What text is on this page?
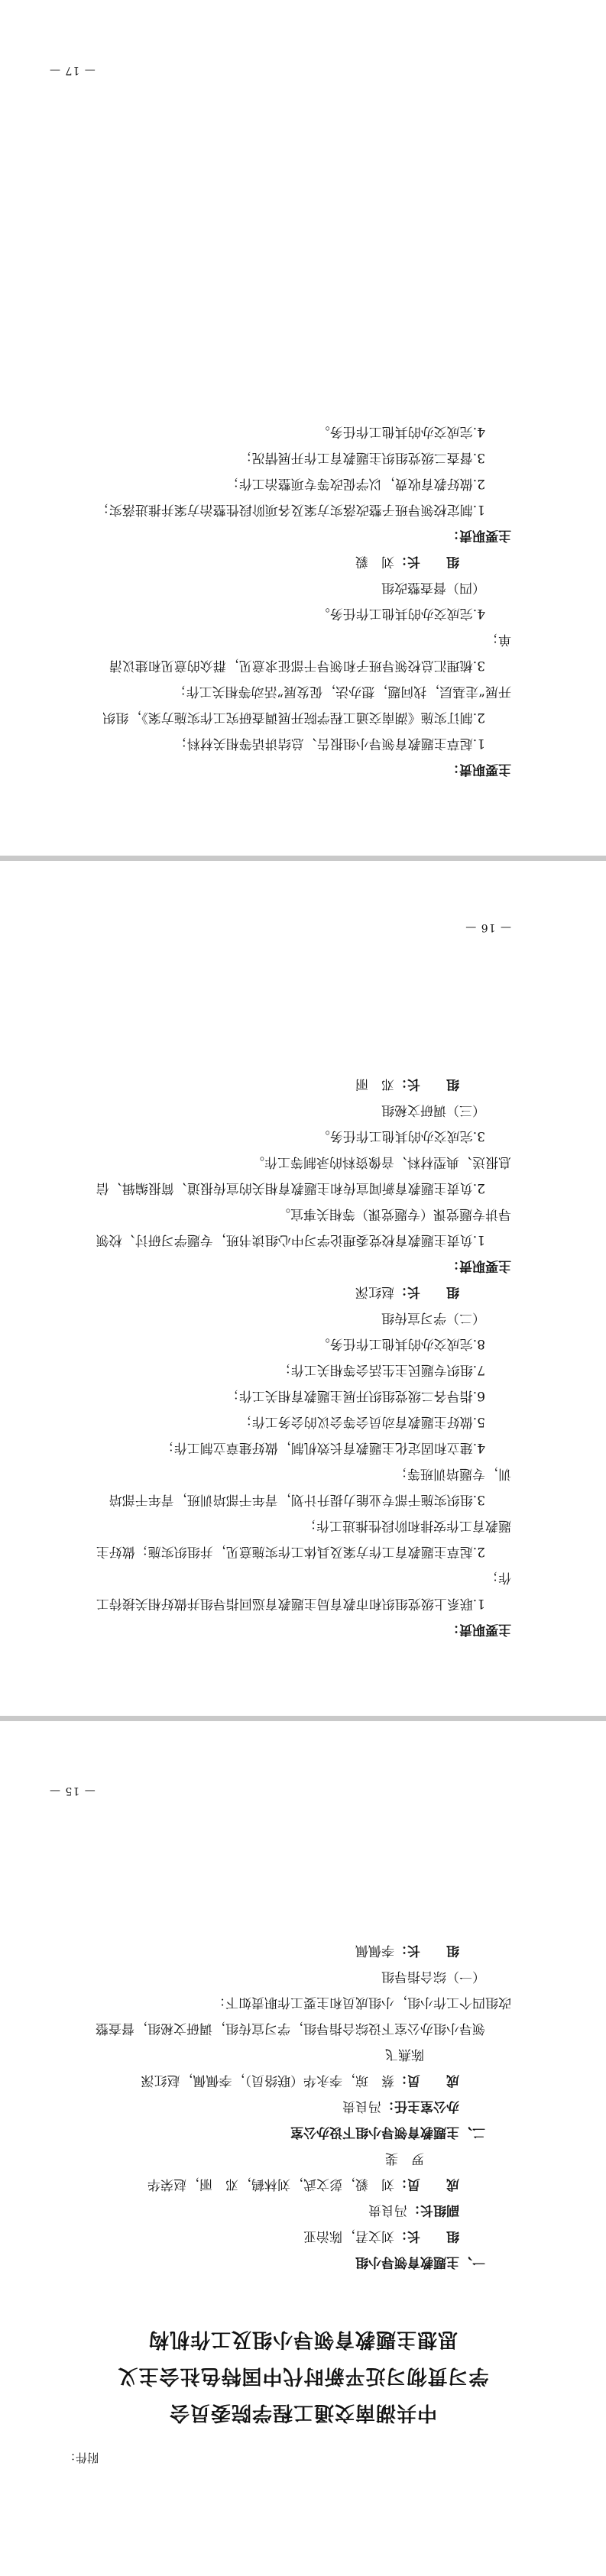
附件：
中共湖南交通工程学院委员会
学习贯彻习近平新时代中国特色社会主义
思想主题教育领导小组及工作机构
一、主题教育领导小组
组　　长：刘文君，陈治亚
副组长：冯良贵
成　　员：刘　毅，彭文武，刘林鹤，邓　丽，赵荣华
罗　斐
二、主题教育领导小组下设办公室
办公室主任：冯良贵
成　　员：蔡　琼，李永华（联络员），李佩佩，赵红深
陈燕飞
领导小组办公室下设综合指导组，学习宣传组，调研文秘组，督查整改组四个工作小组，小组成员和主要工作职责如下：
（一）综合指导组
组　　长：李佩佩
— 15 —
主要职责：
1.联系上级党组织和市教育局主题教育巡回指导组并做好相关接待工作；
2.起草主题教育工作方案及具体工作实施意见，并组织实施；做好主题教育工作安排和阶段性推进工作；
3.组织实施干部专业能力提升计划，青年干部培训班，青年干部培训，专题培训班等；
4.建立和固定化主题教育长效机制，做好建章立制工作；
5.做好主题教育动员会等会议的会务工作；
6.指导各二级党组织开展主题教育相关工作；
7.组织专题民主生活会等相关工作；
8.完成交办的其他工作任务。
（二）学习宣传组
组　　长：赵红深
主要职责：
1.负责主题教育校党委理论学习中心组读书班，专题学习研讨、校领导讲专题党课（专题党课）等相关事宜。
2.负责主题教育新闻宣传和主题教育相关的宣传报道、简报编辑、信息报送、典型材料、音像资料的录制等工作。
3.完成交办的其他工作任务。
（三）调研文秘组
组　　长：邓　丽
— 16 —
主要职责：
1.起草主题教育领导小组报告、总结讲话等相关材料；
2.制订实施《湖南交通工程学院开展调查研究工作实施方案》，组织开展“走基层，找问题，想办法，促发展”活动等相关工作；
3.梳理汇总校领导班子和领导干部征求意见，群众的意见和建议清单；
4.完成交办的其他工作任务。
（四）督查整改组
组　　长：刘　毅
主要职责：
1.制定校领导班子整改落实方案及各项阶段性整治方案并推进落实；
2.做好教育收费，以学促改等专项整治工作；
3.督查二级党组织主题教育工作开展情况；
4.完成交办的其他工作任务。
— 17 —
